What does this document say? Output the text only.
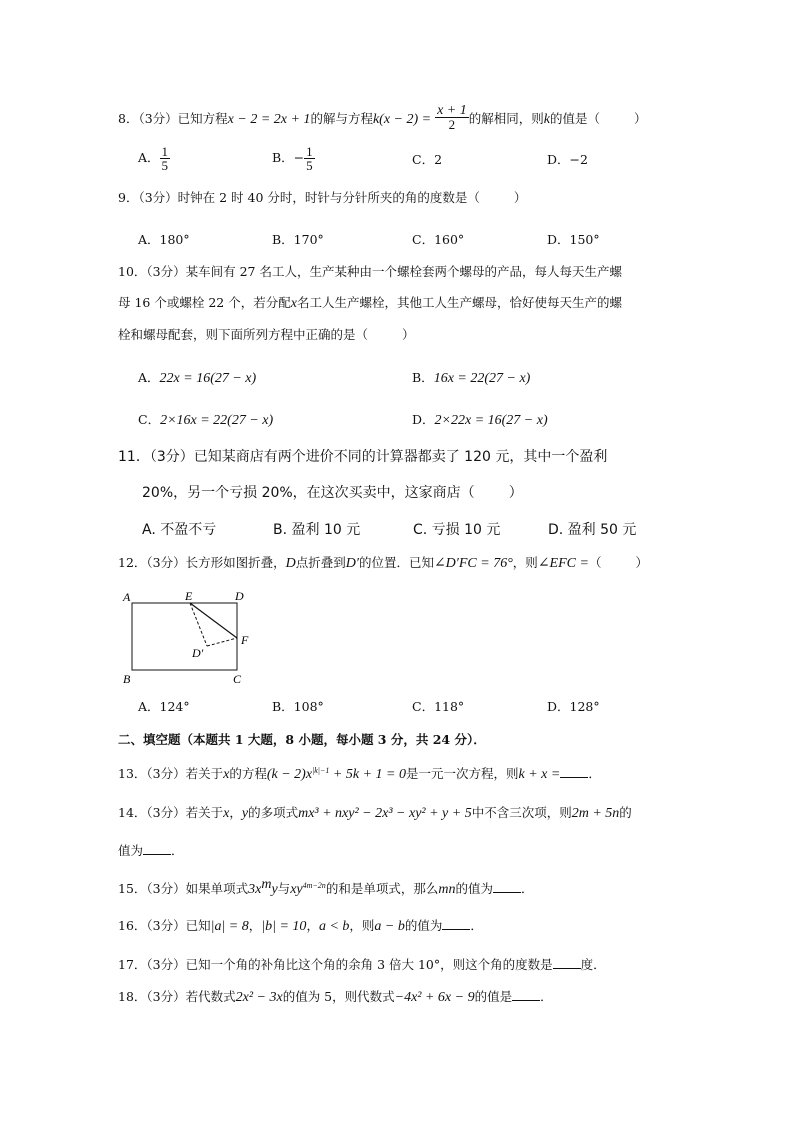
8．（3分）已知方程x − 2 = 2x + 1的解与方程$k(x - 2) = \frac{x + 1}{2}$ 的解相同，则k的值是（	）
A． $\frac{1}{5}$	B．− $\frac{1}{5}$	C．2	D．−2
9．（3分）时钟在 2 时 40 分时，时针与分针所夹的角的度数是（	）
A．180°	B．170°	C．160°	D．150°
10．（3分）某车间有 27 名工人，生产某种由一个螺栓套两个螺母的产品，每人每天生产螺
母 16 个或螺栓 22 个，若分配x名工人生产螺栓，其他工人生产螺母，恰好使每天生产的螺
栓和螺母配套，则下面所列方程中正确的是（	）
A．22x = 16(27 − x)	B．16x = 22(27 − x)
C．2×16x = 22(27 − x)	D．2×22x = 16(27 − x)
11．（3分）已知某商店有两个进价不同的计算器都卖了 120 元，其中一个盈利
20%，另一个亏损 20%，在这次买卖中，这家商店（ ）
A. 不盈不亏	B. 盈利 10 元	C. 亏损 10 元	D. 盈利 50 元
12．（3分）长方形如图折叠，D点折叠到D′的位置．已知∠D′FC = 76°，则∠EFC =（	）
A	E	D
F
D′
B	C
A．124°	B．108°	C．118°	D．128°
二、填空题（本题共 1 大题，8 小题，每小题 3 分，共 24 分）．
13．（3分）若关于x的方程$(k - 2)x^{|k|-1} + 5k + 1 = 0$是一元一次方程，则k + x = ．
14．（3分）若关于x，y的多项式mx³ + nxy² − 2x³ − xy² + y + 5中不含三次项，则2m + 5n的
值为 ．
15．（3分）如果单项式$3x^my$与$xy^{4m-2n}$的和是单项式，那么mn的值为 ．
16．（3分）已知|a| = 8，|b| = 10，a < b，则a − b的值为 ．
17．（3分）已知一个角的补角比这个角的余角 3 倍大 10°，则这个角的度数是 度．
18．（3分）若代数式2x² − 3x的值为 5，则代数式−4x² + 6x − 9的值是 ．
